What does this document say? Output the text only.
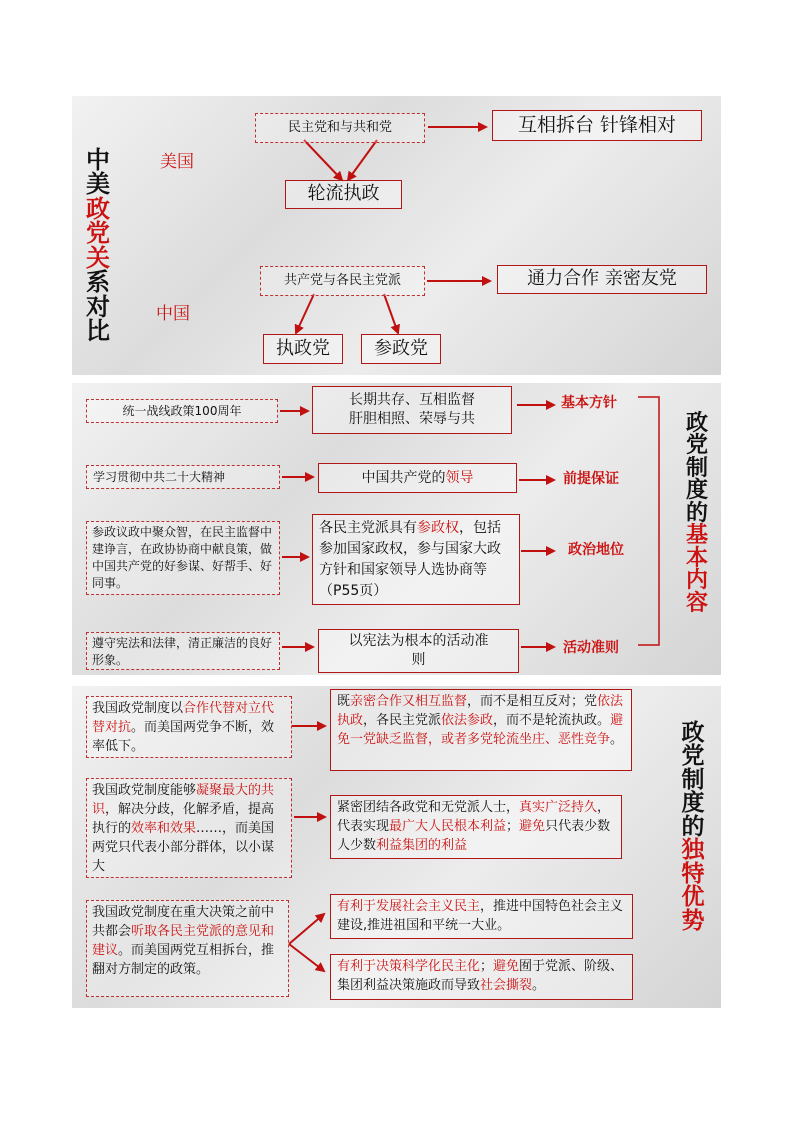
中
美
政
党
关
系
对
比
美国
民主党和与共和党	互相拆台 针锋相对
轮流执政
中国
共产党与各民主党派	通力合作 亲密友党
执政党	参政党
统一战线政策100周年
长期共存、互相监督
肝胆相照、荣辱与共
基本方针
学习贯彻中共二十大精神	中国共产党的领导	前提保证
参政议政中聚众智，在民主监督中建诤言，在政协协商中献良策，做中国共产党的好参谋、好帮手、好同事。
各民主党派具有参政权，包括参加国家政权，参与国家大政方针和国家领导人选协商等（P55页）
政治地位
遵守宪法和法律，清正廉洁的良好形象。
以宪法为根本的活动准
则
活动准则
政
党
制
度
的
基
本
内
容
我国政党制度以合作代替对立代替对抗。而美国两党争不断，效率低下。
既亲密合作又相互监督，而不是相互反对；党依法执政，各民主党派依法参政，而不是轮流执政。避免一党缺乏监督，或者多党轮流坐庄、恶性竞争。
我国政党制度能够凝聚最大的共识，解决分歧，化解矛盾，提高执行的效率和效果……，而美国两党只代表小部分群体，以小谋大
紧密团结各政党和无党派人士，真实广泛持久，代表实现最广大人民根本利益；避免只代表少数人少数利益集团的利益
我国政党制度在重大决策之前中共都会听取各民主党派的意见和建议。而美国两党互相拆台，推翻对方制定的政策。
有利于发展社会主义民主，推进中国特色社会主义建设,推进祖国和平统一大业。
有利于决策科学化民主化；避免囿于党派、阶级、集团利益决策施政而导致社会撕裂。
政
党
制
度
的
独
特
优
势
